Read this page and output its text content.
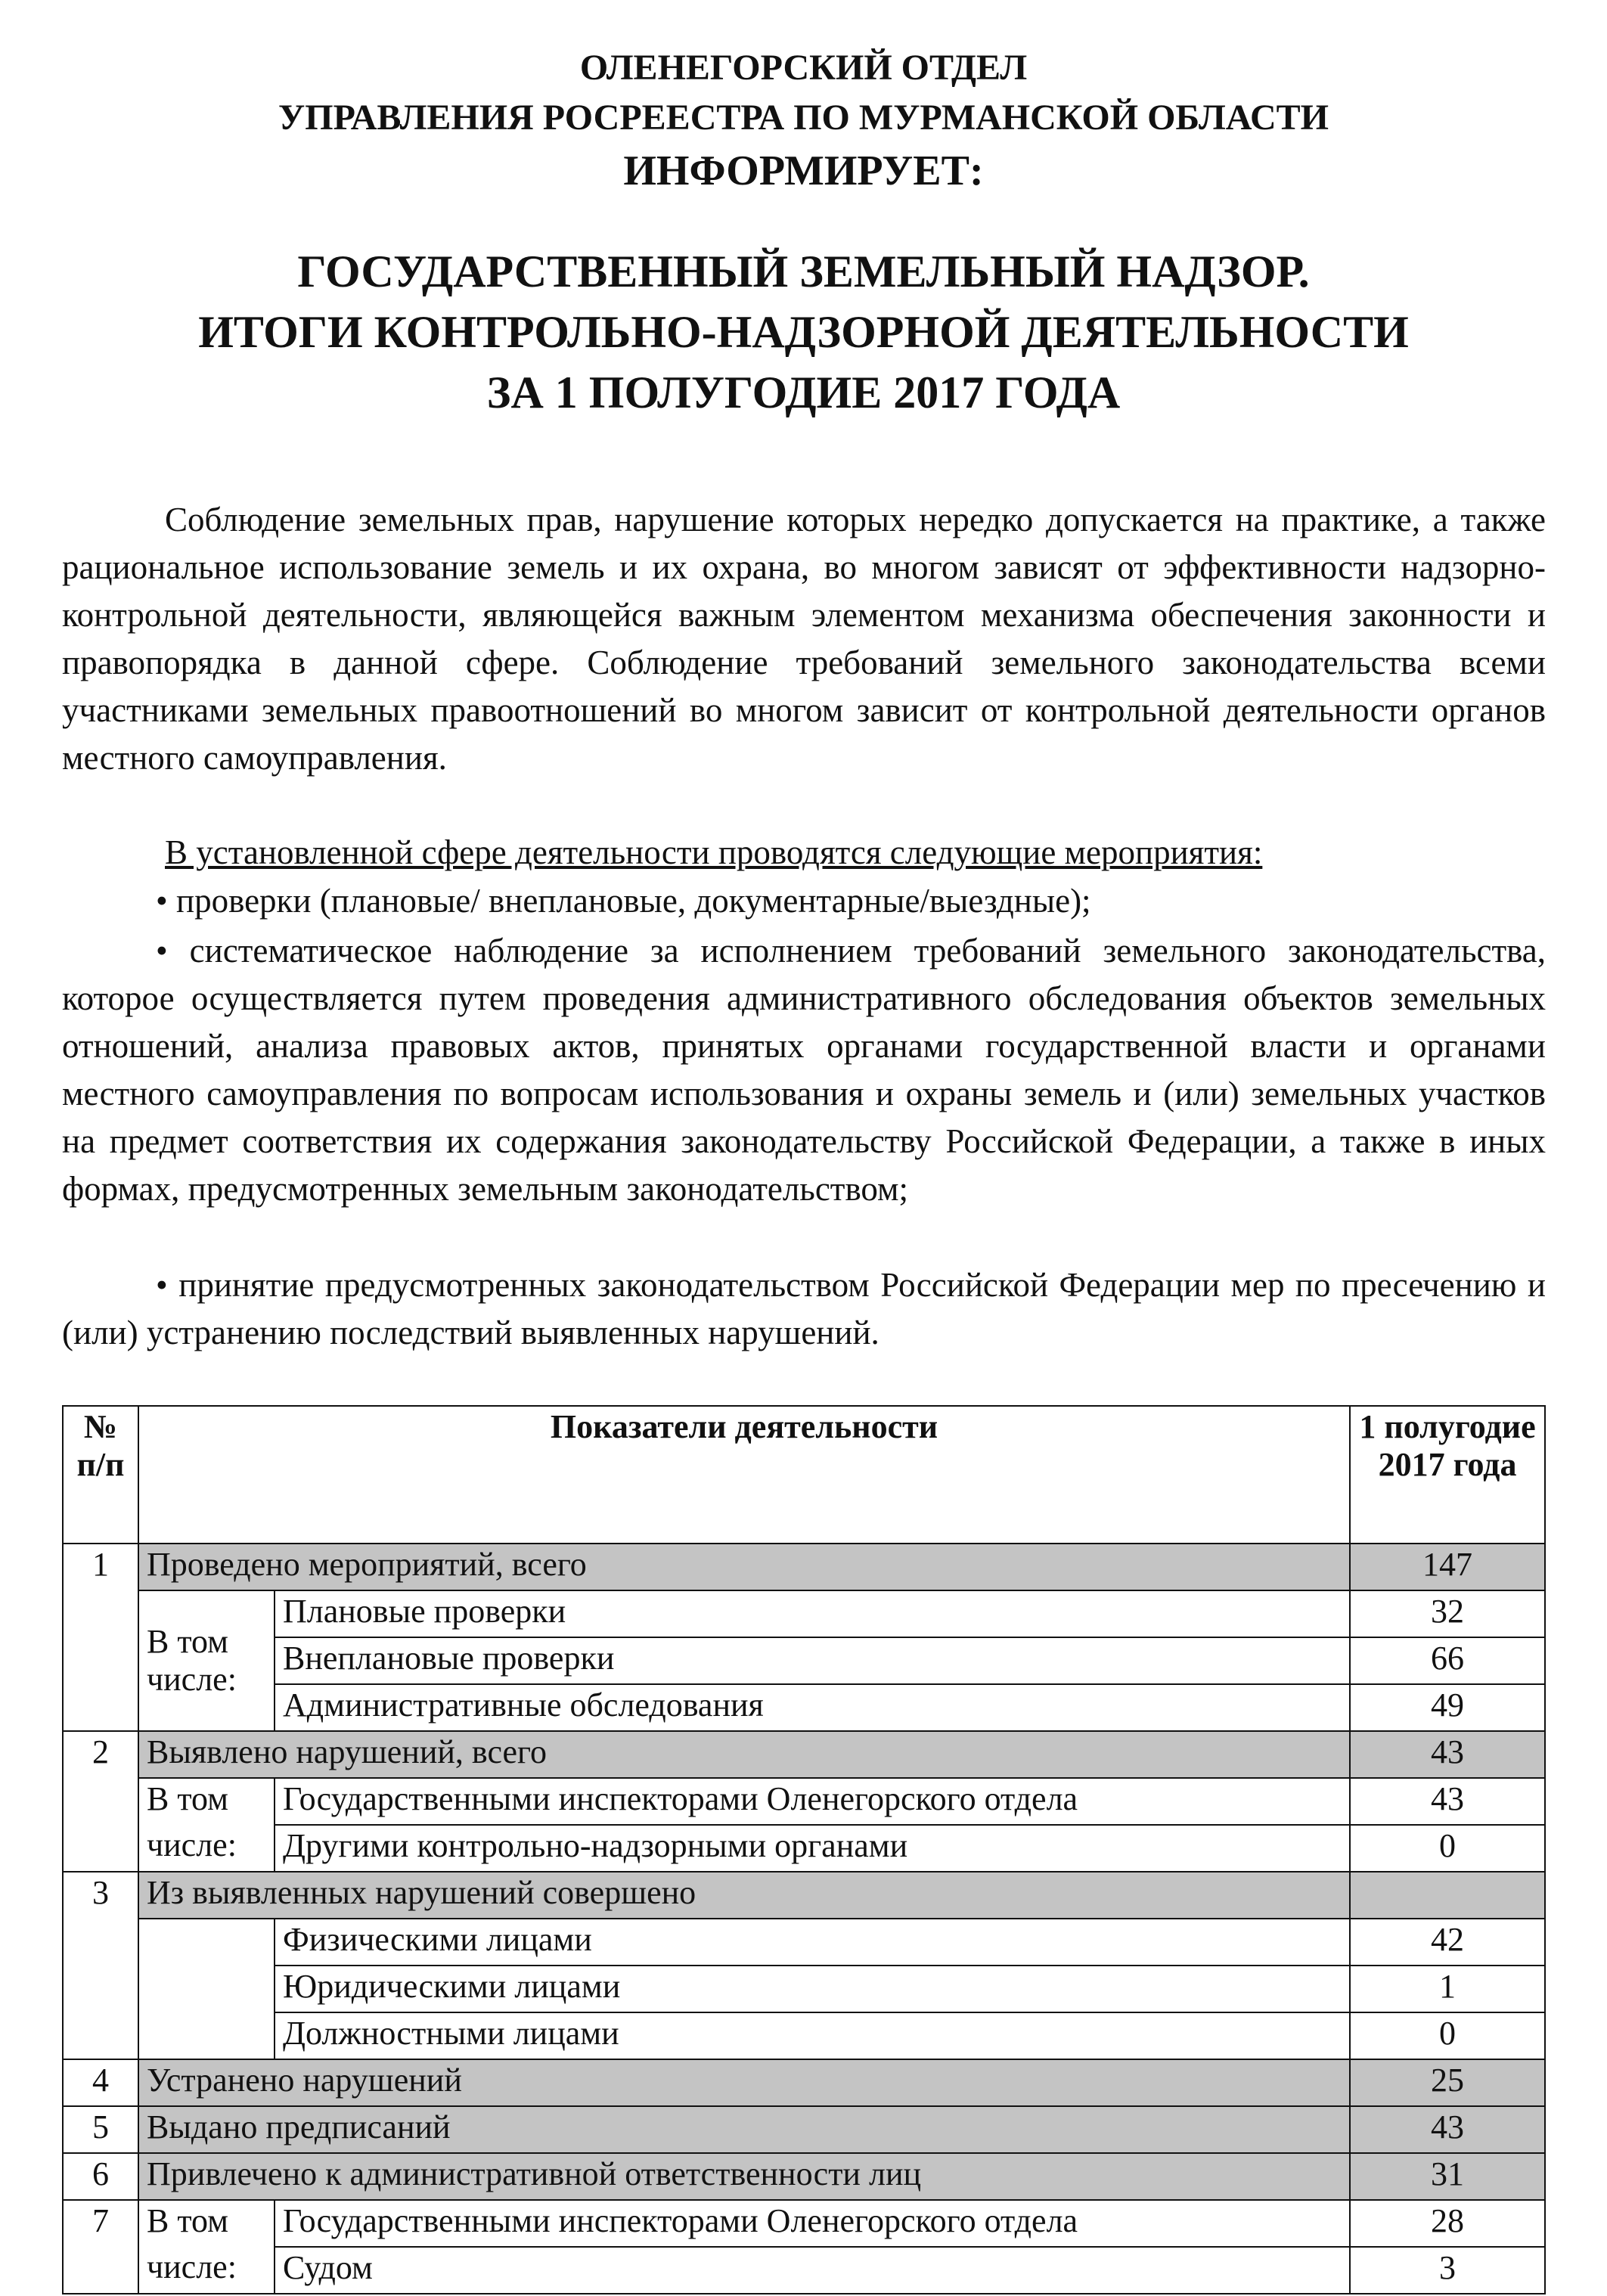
ОЛЕНЕГОРСКИЙ ОТДЕЛ
УПРАВЛЕНИЯ РОСРЕЕСТРА ПО МУРМАНСКОЙ ОБЛАСТИ
ИНФОРМИРУЕТ:
ГОСУДАРСТВЕННЫЙ ЗЕМЕЛЬНЫЙ НАДЗОР.
ИТОГИ КОНТРОЛЬНО-НАДЗОРНОЙ ДЕЯТЕЛЬНОСТИ
ЗА 1 ПОЛУГОДИЕ 2017 ГОДА

Соблюдение земельных прав, нарушение которых нередко допускается на практике, а также рациональное использование земель и их охрана, во многом зависят от эффективности надзорно-контрольной деятельности, являющейся важным элементом механизма обеспечения законности и правопорядка в данной сфере. Соблюдение требований земельного законодательства всеми участниками земельных правоотношений во многом зависит от контрольной деятельности органов местного самоуправления.

В установленной сфере деятельности проводятся следующие мероприятия:

• проверки (плановые/ внеплановые, документарные/выездные);

• систематическое наблюдение за исполнением требований земельного законодательства, которое осуществляется путем проведения административного обследования объектов земельных отношений, анализа правовых актов, принятых органами государственной власти и органами местного самоуправления по вопросам использования и охраны земель и (или) земельных участков на предмет соответствия их содержания законодательству Российской Федерации, а также в иных формах, предусмотренных земельным законодательством;

• принятие предусмотренных законодательством Российской Федерации мер по пресечению и (или) устранению последствий выявленных нарушений.

№ п/п	Показатели деятельности		1 полугодие 2017 года
1	Проведено мероприятий, всего		147
	В том числе:	Плановые проверки	32
		Внеплановые проверки	66
		Административные обследования	49
2	Выявлено нарушений, всего		43
	В том	Государственными инспекторами Оленегорского отдела	43
	числе:	Другими контрольно-надзорными органами	0
3	Из выявленных нарушений совершено		
		Физическими лицами	42
		Юридическими лицами	1
		Должностными лицами	0
4	Устранено нарушений		25
5	Выдано предписаний		43
6	Привлечено к административной ответственности лиц		31
7	В том	Государственными инспекторами Оленегорского отдела	28
	числе:	Судом	3
